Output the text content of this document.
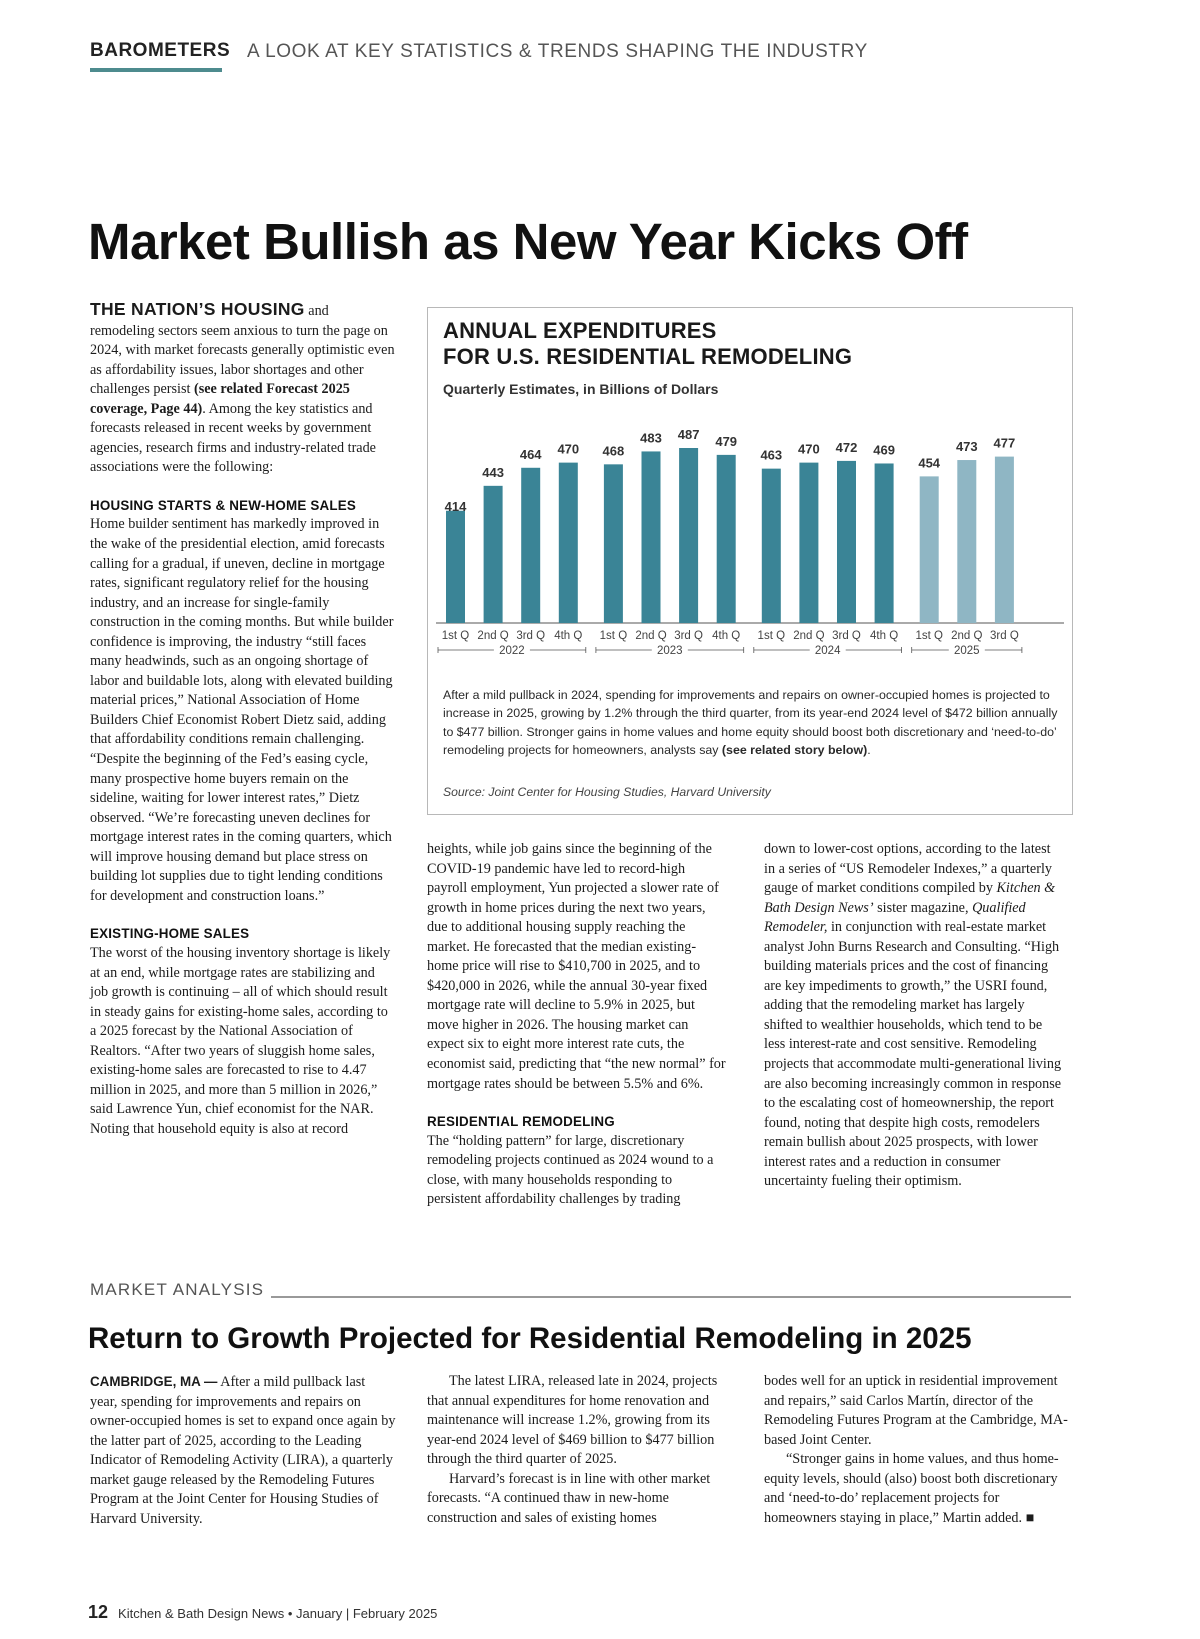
BAROMETERS A LOOK AT KEY STATISTICS & TRENDS SHAPING THE INDUSTRY
Market Bullish as New Year Kicks Off

THE NATION’S HOUSING and remodeling sectors seem anxious to turn the page on 2024, with market forecasts generally optimistic even as affordability issues, labor shortages and other challenges persist (see related Forecast 2025 coverage, Page 44). Among the key statistics and forecasts released in recent weeks by government agencies, research firms and industry-related trade associations were the following:

HOUSING STARTS & NEW-HOME SALES

Home builder sentiment has markedly improved in the wake of the presidential election, amid forecasts calling for a gradual, if uneven, decline in mortgage rates, significant regulatory relief for the housing industry, and an increase for single-family construction in the coming months. But while builder confidence is improving, the industry “still faces many headwinds, such as an ongoing shortage of labor and buildable lots, along with elevated building material prices,” National Association of Home Builders Chief Economist Robert Dietz said, adding that affordability conditions remain challenging. “Despite the beginning of the Fed’s easing cycle, many prospective home buyers remain on the sideline, waiting for lower interest rates,” Dietz observed. “We’re forecasting uneven declines for mortgage interest rates in the coming quarters, which will improve housing demand but place stress on building lot supplies due to tight lending conditions for development and construction loans.”

EXISTING-HOME SALES

The worst of the housing inventory shortage is likely at an end, while mortgage rates are stabilizing and job growth is continuing – all of which should result in steady gains for existing-home sales, according to a 2025 forecast by the National Association of Realtors. “After two years of sluggish home sales, existing-home sales are forecasted to rise to 4.47 million in 2025, and more than 5 million in 2026,” said Lawrence Yun, chief economist for the NAR. Noting that household equity is also at record

ANNUAL EXPENDITURES
FOR U.S. RESIDENTIAL REMODELING
Quarterly Estimates, in Billions of Dollars
414
1st Q
443
2nd Q
464
3rd Q
470
4th Q
468
1st Q
483
2nd Q
487
3rd Q
479
4th Q
463
1st Q
470
2nd Q
472
3rd Q
469
4th Q
454
1st Q
473
2nd Q
477
3rd Q
2022	2023	2024	2025
After a mild pullback in 2024, spending for improvements and repairs on owner-occupied homes is projected to increase in 2025, growing by 1.2% through the third quarter, from its year-end 2024 level of $472 billion annually to $477 billion. Stronger gains in home values and home equity should boost both discretionary and ‘need-to-do’ remodeling projects for homeowners, analysts say (see related story below).
Source: Joint Center for Housing Studies, Harvard University

heights, while job gains since the beginning of the COVID-19 pandemic have led to record-high payroll employment, Yun projected a slower rate of growth in home prices during the next two years, due to additional housing supply reaching the market. He forecasted that the median existing-home price will rise to $410,700 in 2025, and to $420,000 in 2026, while the annual 30-year fixed mortgage rate will decline to 5.9% in 2025, but move higher in 2026. The housing market can expect six to eight more interest rate cuts, the economist said, predicting that “the new normal” for mortgage rates should be between 5.5% and 6%.

RESIDENTIAL REMODELING

The “holding pattern” for large, discretionary remodeling projects continued as 2024 wound to a close, with many households responding to persistent affordability challenges by trading

down to lower-cost options, according to the latest in a series of “US Remodeler Indexes,” a quarterly gauge of market conditions compiled by Kitchen & Bath Design News’ sister magazine, Qualified Remodeler, in conjunction with real-estate market analyst John Burns Research and Consulting. “High building materials prices and the cost of financing are key impediments to growth,” the USRI found, adding that the remodeling market has largely shifted to wealthier households, which tend to be less interest-rate and cost sensitive. Remodeling projects that accommodate multi-generational living are also becoming increasingly common in response to the escalating cost of homeownership, the report found, noting that despite high costs, remodelers remain bullish about 2025 prospects, with lower interest rates and a reduction in consumer uncertainty fueling their optimism.

MARKET ANALYSIS
Return to Growth Projected for Residential Remodeling in 2025

CAMBRIDGE, MA — After a mild pullback last year, spending for improvements and repairs on owner-occupied homes is set to expand once again by the latter part of 2025, according to the Leading Indicator of Remodeling Activity (LIRA), a quarterly market gauge released by the Remodeling Futures Program at the Joint Center for Housing Studies of Harvard University.

The latest LIRA, released late in 2024, projects that annual expenditures for home renovation and maintenance will increase 1.2%, growing from its year-end 2024 level of $469 billion to $477 billion through the third quarter of 2025.

Harvard’s forecast is in line with other market forecasts. “A continued thaw in new-home construction and sales of existing homes

bodes well for an uptick in residential improvement and repairs,” said Carlos Martín, director of the Remodeling Futures Program at the Cambridge, MA-based Joint Center.

“Stronger gains in home values, and thus home-equity levels, should (also) boost both discretionary and ‘need-to-do’ replacement projects for homeowners staying in place,” Martin added. ■

12 Kitchen & Bath Design News • January | February 2025
